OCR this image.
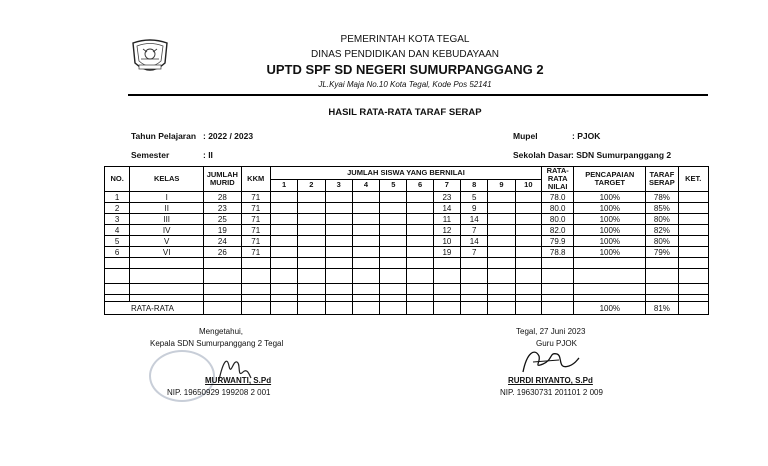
PEMERINTAH KOTA TEGAL
DINAS PENDIDIKAN DAN KEBUDAYAAN
UPTD SPF SD NEGERI SUMURPANGGANG 2
JL.Kyai Maja No.10 Kota Tegal, Kode Pos 52141
HASIL RATA-RATA TARAF SERAP
Tahun Pelajaran : 2022 / 2023
Semester	: II
Mupel	: PJOK
Sekolah Dasar : SDN Sumurpanggang 2
NO.	KELAS	JUMLAH MURID	KKM	JUMLAH SISWA YANG BERNILAI										RATA-RATA NILAI	PENCAPAIAN TARGET	TARAF SERAP	KET.
				1	2	3	4	5	6	7	8	9	10				
1	I	28	71							23	5			78.0	100%	78%	
2	II	23	71							14	9			80.0	100%	85%	
3	III	25	71							11	14			80.0	100%	80%	
4	IV	19	71							12	7			82.0	100%	82%	
5	V	24	71							10	14			79.9	100%	80%	
6	VI	26	71							19	7			78.8	100%	79%	

RATA-RATA															100%	81%	
Mengetahui,
Kepala SDN Sumurpanggang 2 Tegal
MURWANTI, S.Pd
NIP. 19650929 199208 2 001
Tegal, 27 Juni 2023
Guru PJOK
RURDI RIYANTO, S.Pd
NIP. 19630731 201101 2 009
